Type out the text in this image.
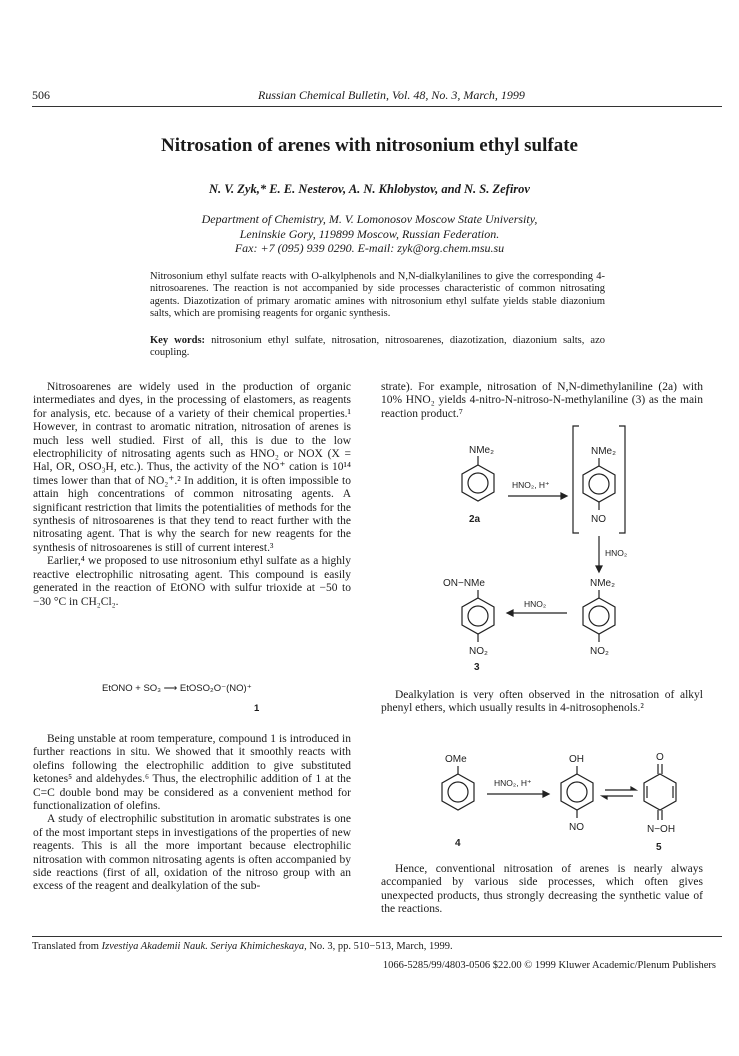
506	Russian Chemical Bulletin, Vol. 48, No. 3, March, 1999
Nitrosation of arenes with nitrosonium ethyl sulfate
N. V. Zyk,* E. E. Nesterov, A. N. Khlobystov, and N. S. Zefirov
Department of Chemistry, M. V. Lomonosov Moscow State University,
Leninskie Gory, 119899 Moscow, Russian Federation.
Fax: +7 (095) 939 0290. E-mail: zyk@org.chem.msu.su
Nitrosonium ethyl sulfate reacts with O-alkylphenols and N,N-dialkylanilines to give the corresponding 4-nitrosoarenes. The reaction is not accompanied by side processes characteristic of common nitrosating agents. Diazotization of primary aromatic amines with nitrosonium ethyl sulfate yields stable diazonium salts, which are promising reagents for organic synthesis.
Key words: nitrosonium ethyl sulfate, nitrosation, nitrosoarenes, diazotization, diazonium salts, azo coupling.

Nitrosoarenes are widely used in the production of organic intermediates and dyes, in the processing of elastomers, as reagents for analysis, etc. because of a variety of their chemical properties.¹ However, in contrast to aromatic nitration, nitrosation of arenes is much less well studied. First of all, this is due to the low electrophilicity of nitrosating agents such as HNO₂ or NOX (X = Hal, OR, OSO₃H, etc.). Thus, the activity of the NO⁺ cation is 10¹⁴ times lower than that of NO₂⁺.² In addition, it is often impossible to attain high concentrations of common nitrosating agents. A significant restriction that limits the potentialities of methods for the synthesis of nitrosoarenes is that they tend to react further with the nitrosating agent. That is why the search for new reagents for the synthesis of nitrosoarenes is still of current interest.³

Earlier,⁴ we proposed to use nitrosonium ethyl sulfate as a highly reactive electrophilic nitrosating agent. This compound is easily generated in the reaction of EtONO with sulfur trioxide at −50 to −30 °C in CH₂Cl₂.

EtONO + SO₃ ⟶ EtOSO₂O⁻(NO)⁺
1

Being unstable at room temperature, compound 1 is introduced in further reactions in situ. We showed that it smoothly reacts with olefins following the electrophilic addition to give substituted ketones⁵ and aldehydes.⁶ Thus, the electrophilic addition of 1 at the C=C double bond may be considered as a convenient method for functionalization of olefins.

A study of electrophilic substitution in aromatic substrates is one of the most important steps in investigations of the properties of new reagents. This is all the more important because electrophilic nitrosation with common nitrosating agents is often accompanied by side reactions (first of all, oxidation of the nitroso group with an excess of the reagent and dealkylation of the sub-

strate). For example, nitrosation of N,N-dimethylaniline (2a) with 10% HNO₂ yields 4-nitro-N-nitroso-N-methylaniline (3) as the main reaction product.⁷

NMe₂
2a
HNO₂, H⁺
NMe₂
NO
HNO₂
ON−NMe
HNO₂
NMe₂
NO₂
3
NO₂

Dealkylation is very often observed in the nitrosation of alkyl phenyl ethers, which usually results in 4-nitrosophenols.²

OMe
4
HNO₂, H⁺
OH
NO
O
N−OH
5

Hence, conventional nitrosation of arenes is nearly always accompanied by various side processes, which often gives unexpected products, thus strongly decreasing the synthetic value of the reactions.

Translated from Izvestiya Akademii Nauk. Seriya Khimicheskaya, No. 3, pp. 510−513, March, 1999.
1066-5285/99/4803-0506 $22.00 © 1999 Kluwer Academic/Plenum Publishers
